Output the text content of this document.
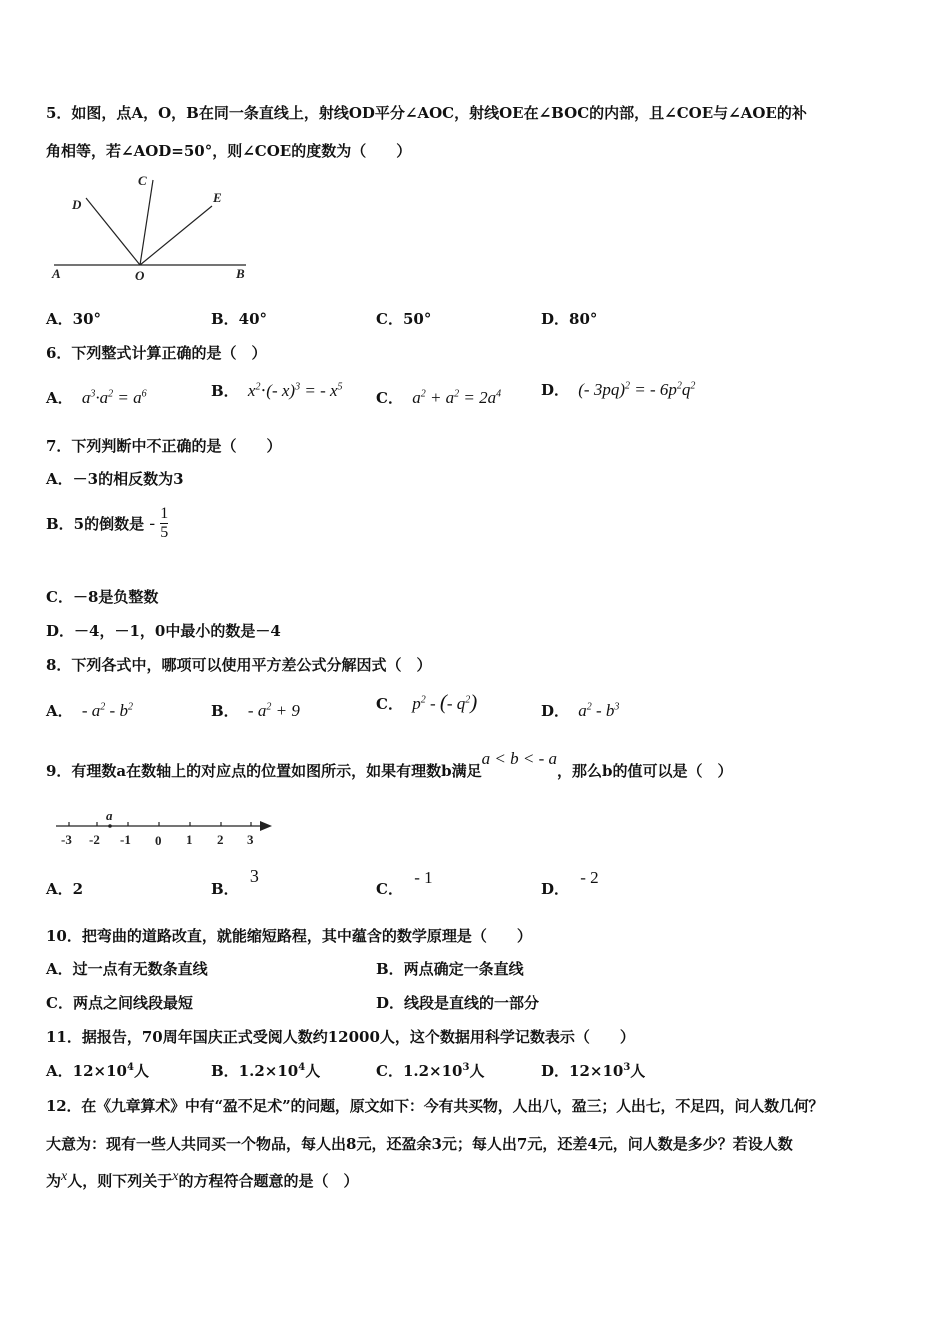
5．如图，点A，O，B在同一条直线上，射线OD平分∠AOC，射线OE在∠BOC的内部，且∠COE与∠AOE的补
角相等，若∠AOD=50°，则∠COE的度数为（　　）
A	O	B
C
D	E
A．30°	B．40°	C．50°	D．80°
6．下列整式计算正确的是（　）
A． $a^3\cdot a^2 = a^6$	B． $x^2\cdot(-$ x)$^3$ = - $x^5$
C． $a^2 + a^2 = 2a^4$	D． (- 3pq)$^2$ = - $6p^2q^2$
7．下列判断中不正确的是（　　）
A．－3的相反数为3
B．5的倒数是 - $\frac{1}{5}$
C．－8是负整数
D．－4，－1，0中最小的数是－4
8．下列各式中，哪项可以使用平方差公式分解因式（　）
A． - $a^2 - b^2$	B． - $a^2 + 9$	C． $p^2$ - (- $q^2$)	D． $a^2 - b^3$
9．有理数a在数轴上的对应点的位置如图所示，如果有理数b满足a < b < - a，那么b的值可以是（　）
a
-3 -2 -1 0 1 2 3
A．2	B． 3
C． - 1
D． - 2
10．把弯曲的道路改直，就能缩短路程，其中蕴含的数学原理是（　　）
A．过一点有无数条直线	B．两点确定一条直线
C．两点之间线段最短	D．线段是直线的一部分
11．据报告，70周年国庆正式受阅人数约12000人，这个数据用科学记数表示（　　）
A．$12\times 10^4$人	B．$1.2\times 10^4$人	C．$1.2\times 10^3$人	D．$12\times 10^3$人
12．在《九章算术》中有“盈不足术”的问题，原文如下：今有共买物，人出八，盈三；人出七，不足四，问人数几何？
大意为：现有一些人共同买一个物品，每人出8元，还盈余3元；每人出7元，还差4元，问人数是多少？若设人数
为x人，则下列关于x的方程符合题意的是（　）
